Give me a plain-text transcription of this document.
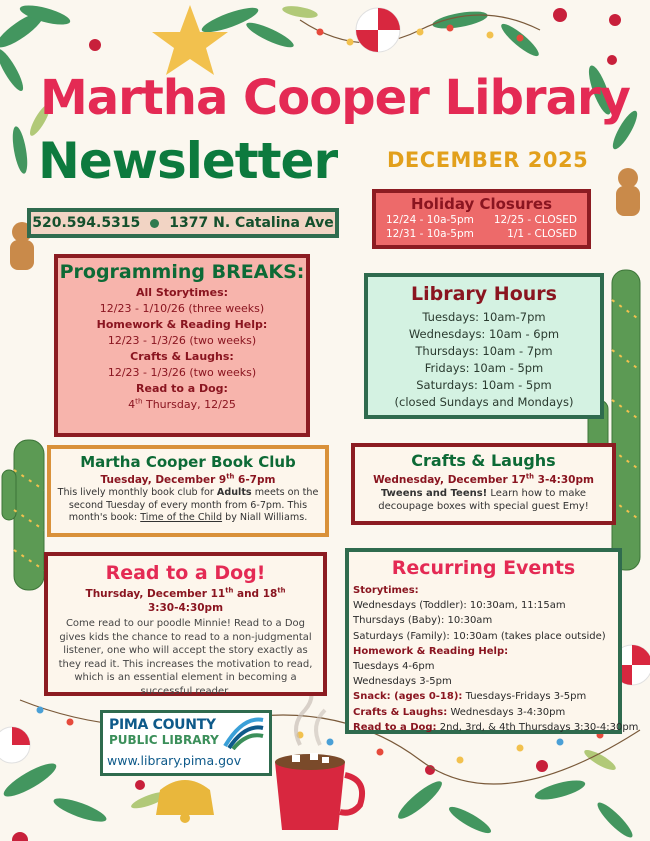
Martha Cooper Library
Newsletter DECEMBER 2025
520.594.5315 1377 N. Catalina Ave
Holiday Closures
12/24 - 10a-5pm 12/25 - CLOSED
12/31 - 10a-5pm	1/1 - CLOSED
Programming BREAKS:
All Storytimes:
12/23 - 1/10/26 (three weeks)
Homework & Reading Help:
12/23 - 1/3/26 (two weeks)
Crafts & Laughs:
12/23 - 1/3/26 (two weeks)
Read to a Dog:
4th Thursday, 12/25
Library Hours
Tuesdays: 10am-7pm
Wednesdays: 10am - 6pm
Thursdays: 10am - 7pm
Fridays: 10am - 5pm
Saturdays: 10am - 5pm
(closed Sundays and Mondays)
Martha Cooper Book Club
Tuesday, December 9th 6-7pm
This lively monthly book club for Adults meets on the second Tuesday of every month from 6-7pm. This month's book: Time of the Child by Niall Williams.
Crafts & Laughs
Wednesday, December 17th 3-4:30pm
Tweens and Teens! Learn how to make decoupage boxes with special guest Emy!
Read to a Dog!
Thursday, December 11th and 18th
3:30-4:30pm
Come read to our poodle Minnie! Read to a Dog gives kids the chance to read to a non-judgmental listener, one who will accept the story exactly as they read it. This increases the motivation to read, which is an essential element in becoming a successful reader.
Recurring Events
Storytimes:
Wednesdays (Toddler): 10:30am, 11:15am
Thursdays (Baby): 10:30am
Saturdays (Family): 10:30am (takes place outside)
Homework & Reading Help:
Tuesdays 4-6pm
Wednesdays 3-5pm
Snack: (ages 0-18): Tuesdays-Fridays 3-5pm
Crafts & Laughs: Wednesdays 3-4:30pm
Read to a Dog: 2nd, 3rd, & 4th Thursdays 3:30-4:30pm
PIMA COUNTY
PUBLIC LIBRARY
www.library.pima.gov
